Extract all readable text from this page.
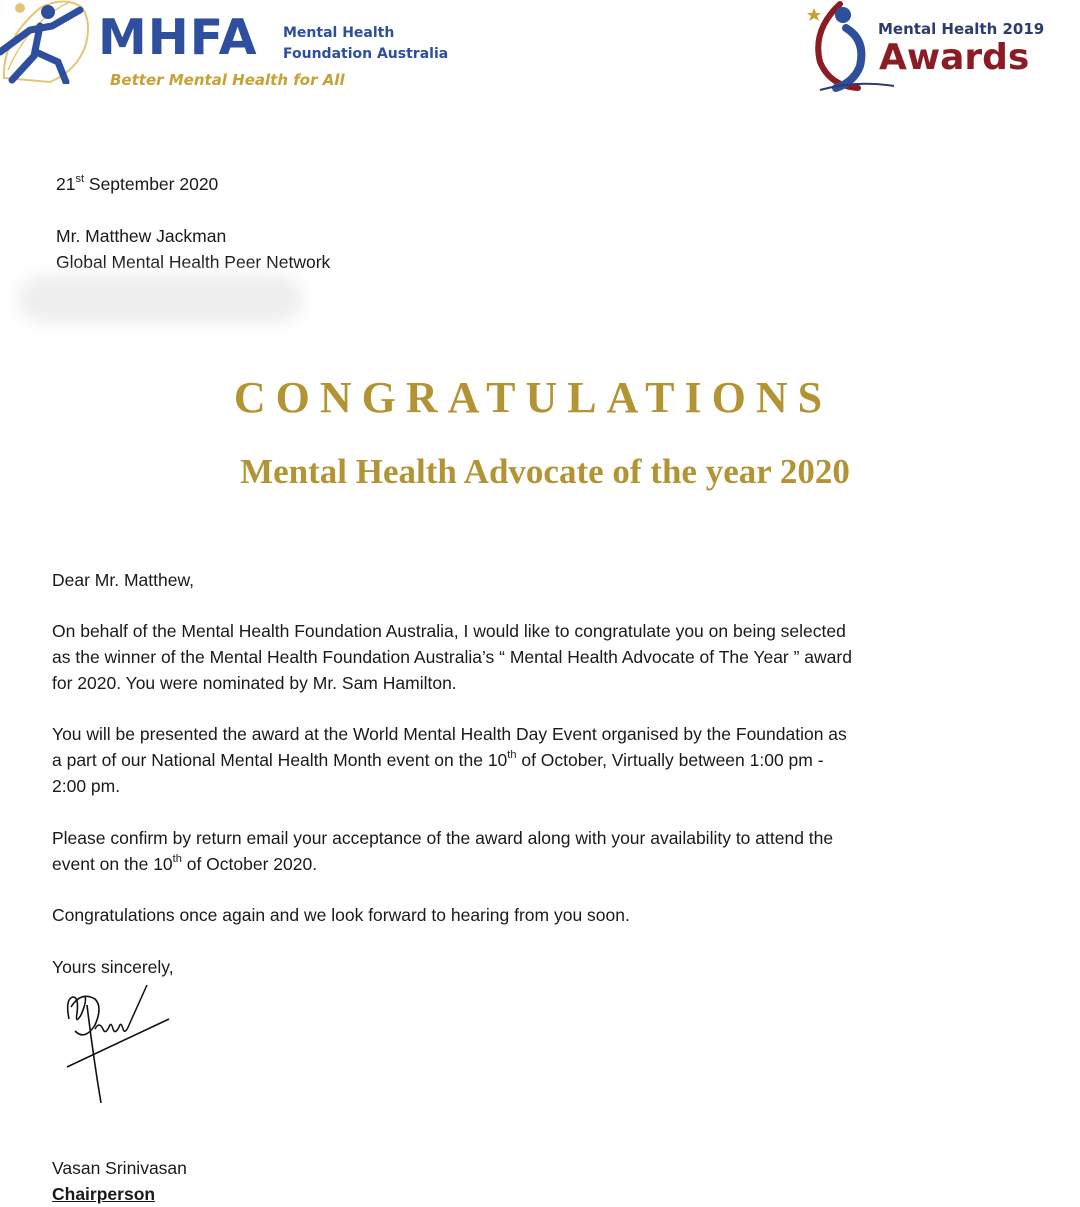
MHFA Mental Health
Foundation Australia
Better Mental Health for All
Mental Health 2019
Awards
21st September 2020
Mr. Matthew Jackman
Global Mental Health Peer Network
CONGRATULATIONS
Mental Health Advocate of the year 2020
Dear Mr. Matthew,
On behalf of the Mental Health Foundation Australia, I would like to congratulate you on being selected
as the winner of the Mental Health Foundation Australia’s “ Mental Health Advocate of The Year ” award
for 2020. You were nominated by Mr. Sam Hamilton.
You will be presented the award at the World Mental Health Day Event organised by the Foundation as
a part of our National Mental Health Month event on the 10th of October, Virtually between 1:00 pm -
2:00 pm.
Please confirm by return email your acceptance of the award along with your availability to attend the
event on the 10th of October 2020.
Congratulations once again and we look forward to hearing from you soon.
Yours sincerely,
Vasan Srinivasan
Chairperson
